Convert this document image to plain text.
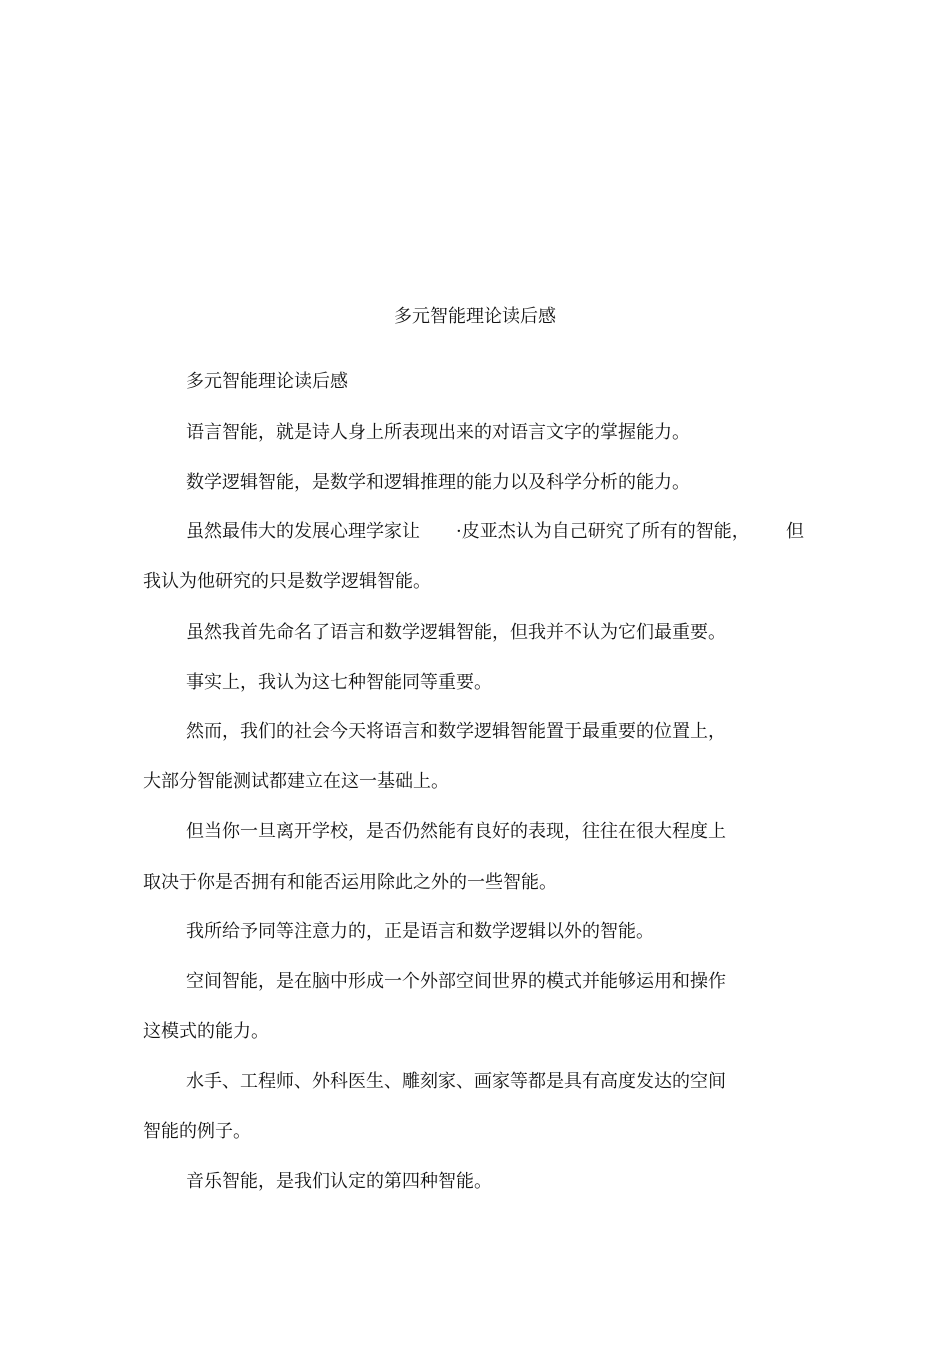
多元智能理论读后感

多元智能理论读后感

语言智能，就是诗人身上所表现出来的对语言文字的掌握能力。

数学逻辑智能，是数学和逻辑推理的能力以及科学分析的能力。

虽然最伟大的发展心理学家让 ·皮亚杰认为自己研究了所有的智能， 但

我认为他研究的只是数学逻辑智能。

虽然我首先命名了语言和数学逻辑智能，但我并不认为它们最重要。

事实上，我认为这七种智能同等重要。

然而，我们的社会今天将语言和数学逻辑智能置于最重要的位置上，

大部分智能测试都建立在这一基础上。

但当你一旦离开学校，是否仍然能有良好的表现，往往在很大程度上

取决于你是否拥有和能否运用除此之外的一些智能。

我所给予同等注意力的，正是语言和数学逻辑以外的智能。

空间智能，是在脑中形成一个外部空间世界的模式并能够运用和操作

这模式的能力。

水手、工程师、外科医生、雕刻家、画家等都是具有高度发达的空间

智能的例子。

音乐智能，是我们认定的第四种智能。
